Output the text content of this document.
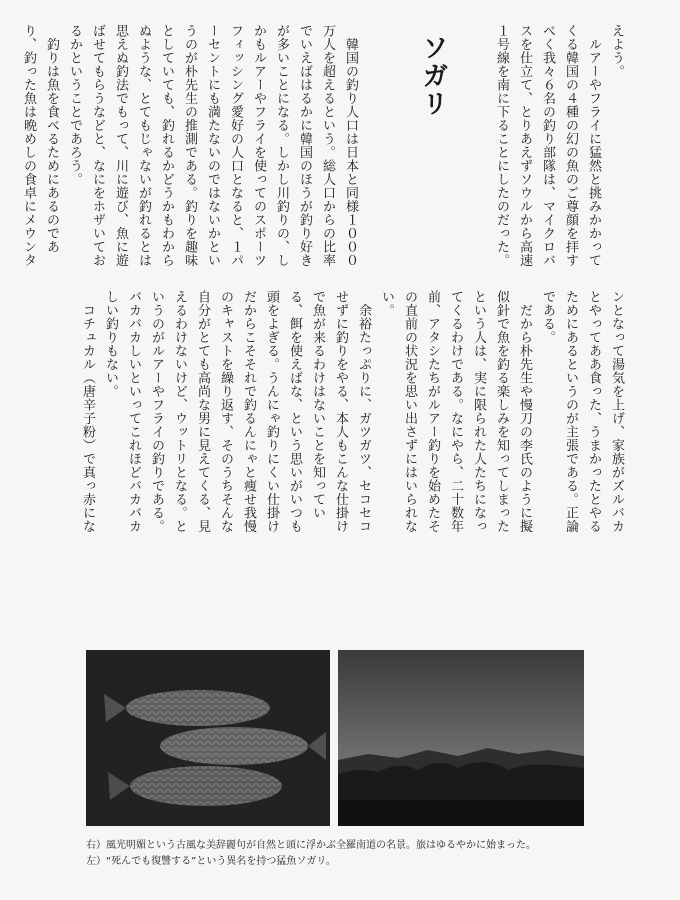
えよう。
　ルアーやフライに猛然と挑みかかって
くる韓国の４種の幻の魚のご尊顔を拝す
べく我々６名の釣り部隊は、マイクロバ
スを仕立て、とりあえずソウルから高速
１号線を南に下ることにしたのだった。

ソガリ

　韓国の釣り人口は日本と同様１０００
万人を超えるという。総人口からの比率
でいえばはるかに韓国のほうが釣り好き
が多いことになる。しかし川釣りの、し
かもルアーやフライを使ってのスポーツ
フィッシング愛好の人口となると、１パ
ーセントにも満たないのではないかとい
うのが朴先生の推測である。釣りを趣味
としていても、釣れるかどうかもわから
ぬような、とてもじゃないが釣れるとは
思えぬ釣法でもって、川に遊び、魚に遊
ばせてもらうなどと、なにをホザいてお
るかということであろう。
　釣りは魚を食べるためにあるのであ
り、釣った魚は晩めしの食卓にメウンタ

ンとなって湯気を上げ、家族がズルバカ
とやってああ食った、うまかったとやる
ためにあるというのが主張である。正論
である。
　だから朴先生や慢刀の李氏のように擬
似針で魚を釣る楽しみを知ってしまった
という人は、実に限られた人たちになっ
てくるわけである。なにやら、二十数年
前、アタシたちがルアー釣りを始めたそ
の直前の状況を思い出さずにはいられな
い。
　余裕たっぷりに、ガツガツ、セコセコ
せずに釣りをやる、本人もこんな仕掛け
で魚が来るわけはないことを知ってい
る、餌を使えばな、という思いがいつも
頭をよぎる。うんにゃ釣りにくい仕掛け
だからこそそれで釣るんにゃと痩せ我慢
のキャストを繰り返す、そのうちそんな
自分がとても高尚な男に見えてくる、見
えるわけないけど、ウットリとなる。と
いうのがルアーやフライの釣りである。
バカバカしいといってこれほどバカバカ
しい釣りもない。
　コチュカル（唐辛子粉）で真っ赤にな

右）風光明媚という古風な美辞麗句が自然と頭に浮かぶ全羅南道の名景。旅はゆるやかに始まった。
左）“死んでも復讐する”という異名を持つ猛魚ソガリ。
